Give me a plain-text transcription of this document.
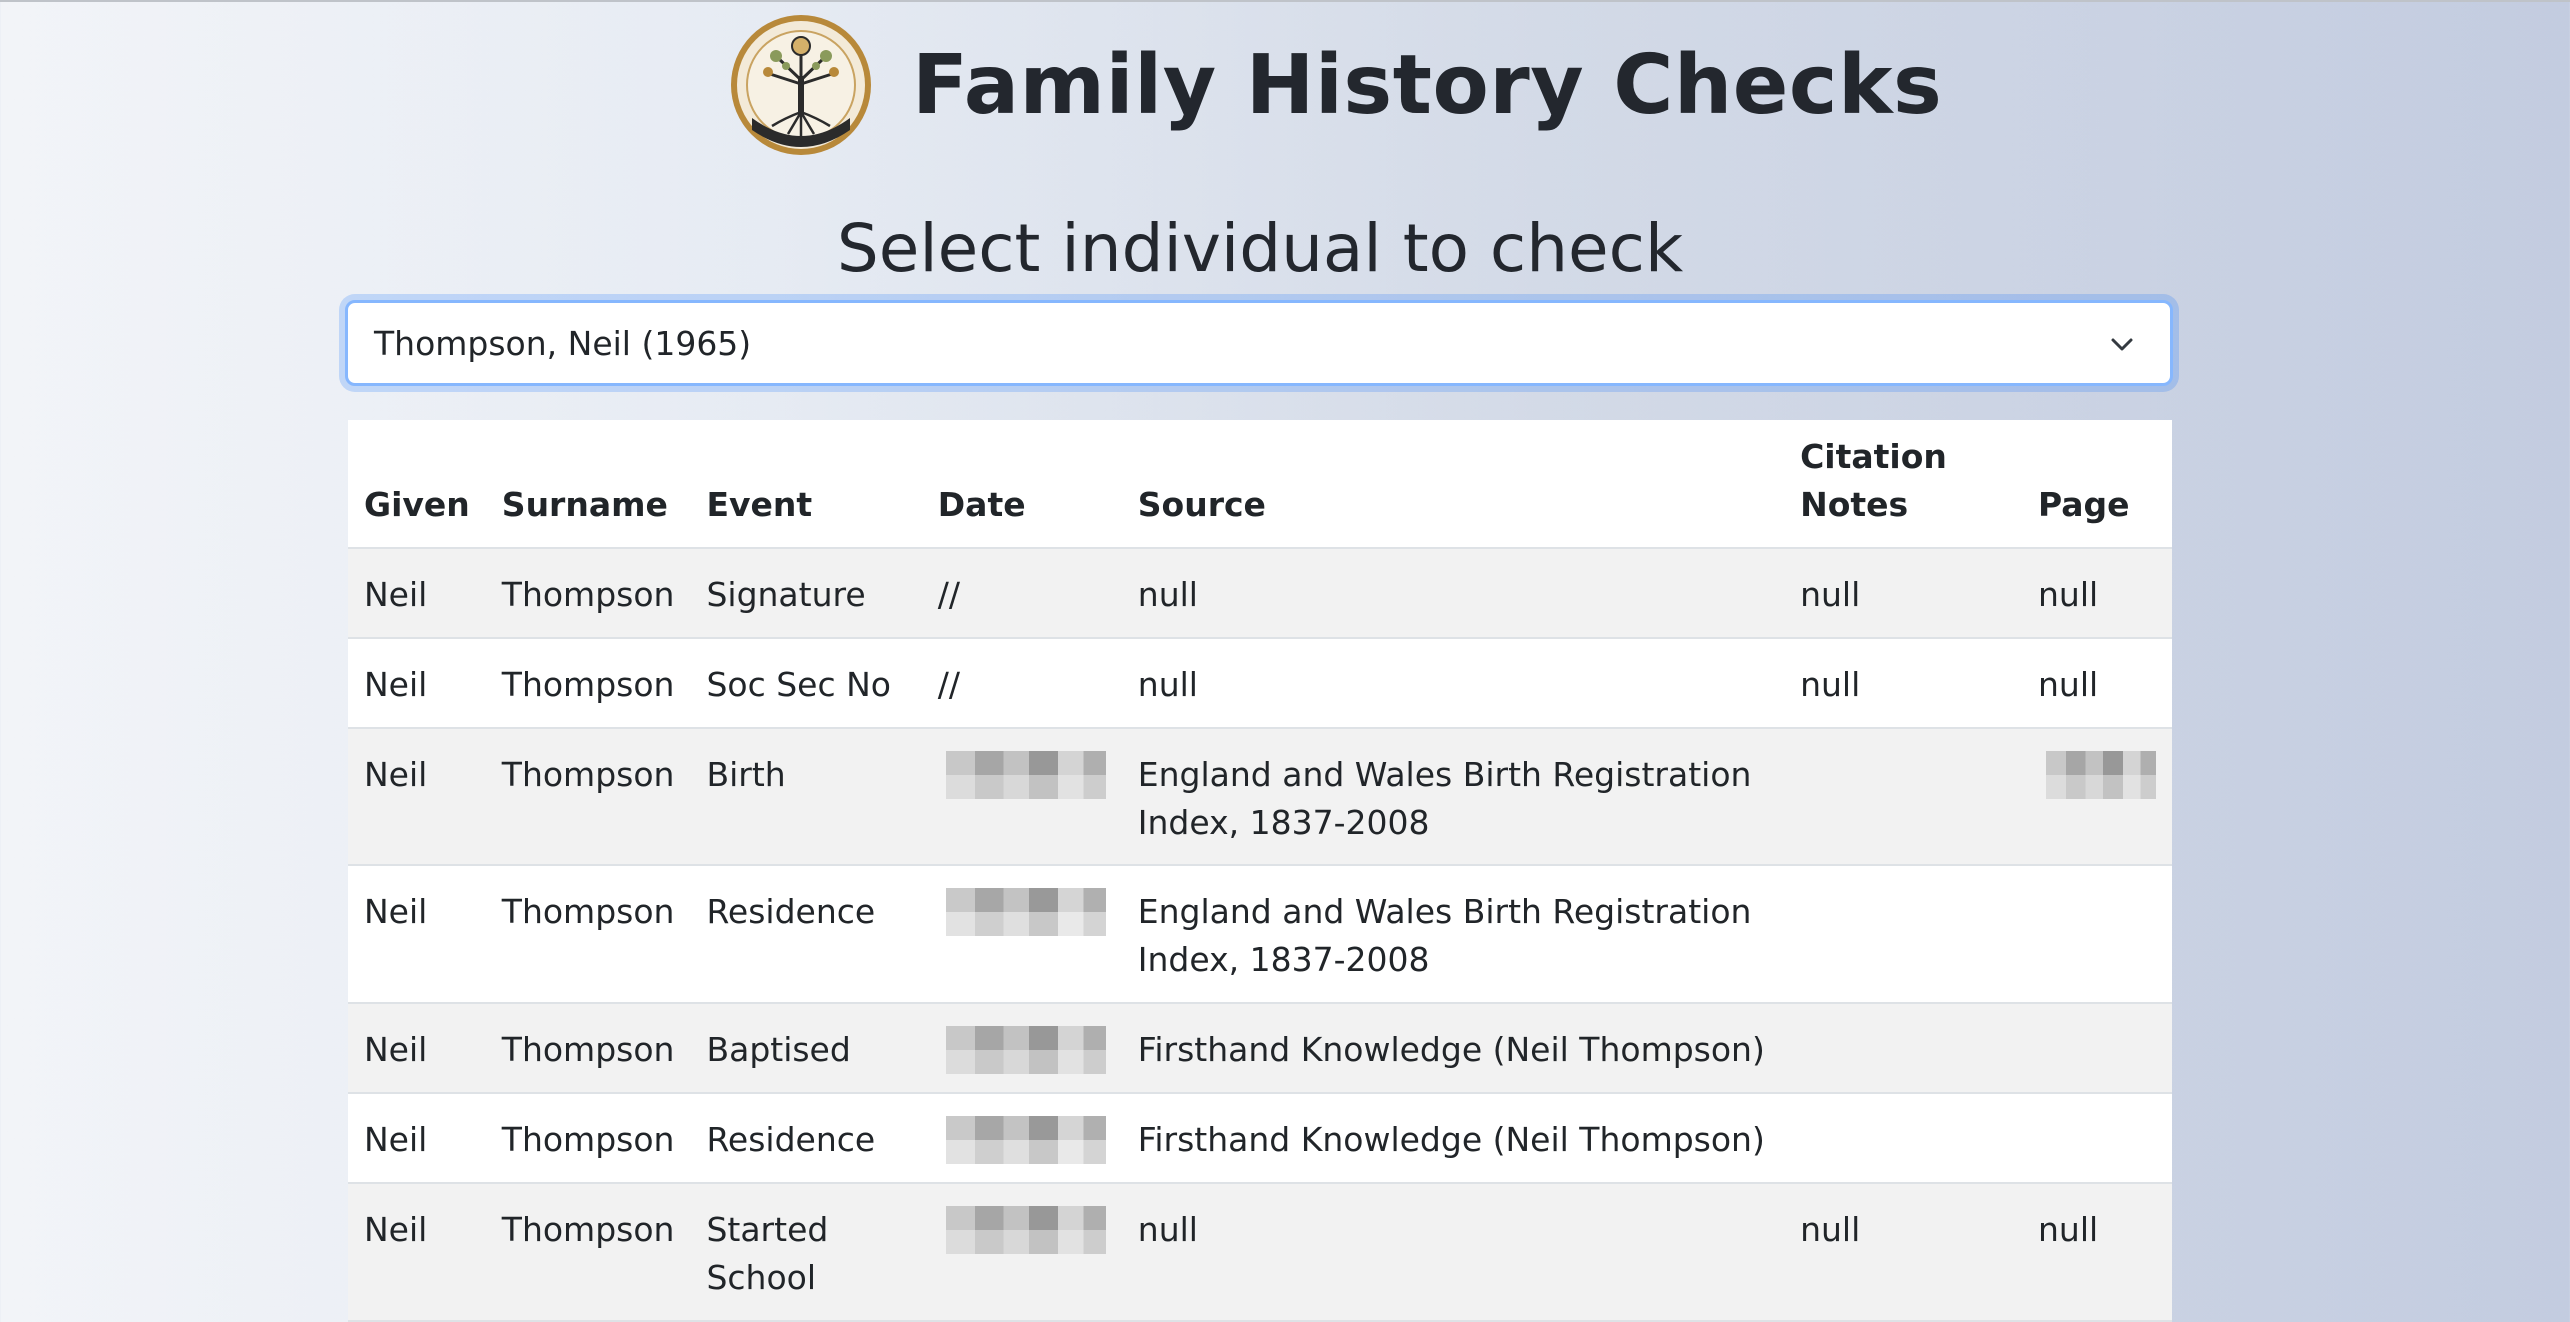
Family History Checks
Select individual to check
Thompson, Neil (1965)
Given	Surname	Event	Date	Source	Citation Notes	Page
Neil	Thompson	Signature	//	null	null	null
Neil	Thompson	Soc Sec No	//	null	null	null
Neil	Thompson	Birth		England and Wales Birth Registration Index, 1837-2008		

Neil	Thompson	Residence		England and Wales Birth Registration Index, 1837-2008		
Neil	Thompson	Baptised		Firsthand Knowledge (Neil Thompson)		
Neil	Thompson	Residence		Firsthand Knowledge (Neil Thompson)		
Neil	Thompson	Started School		null	null	null
